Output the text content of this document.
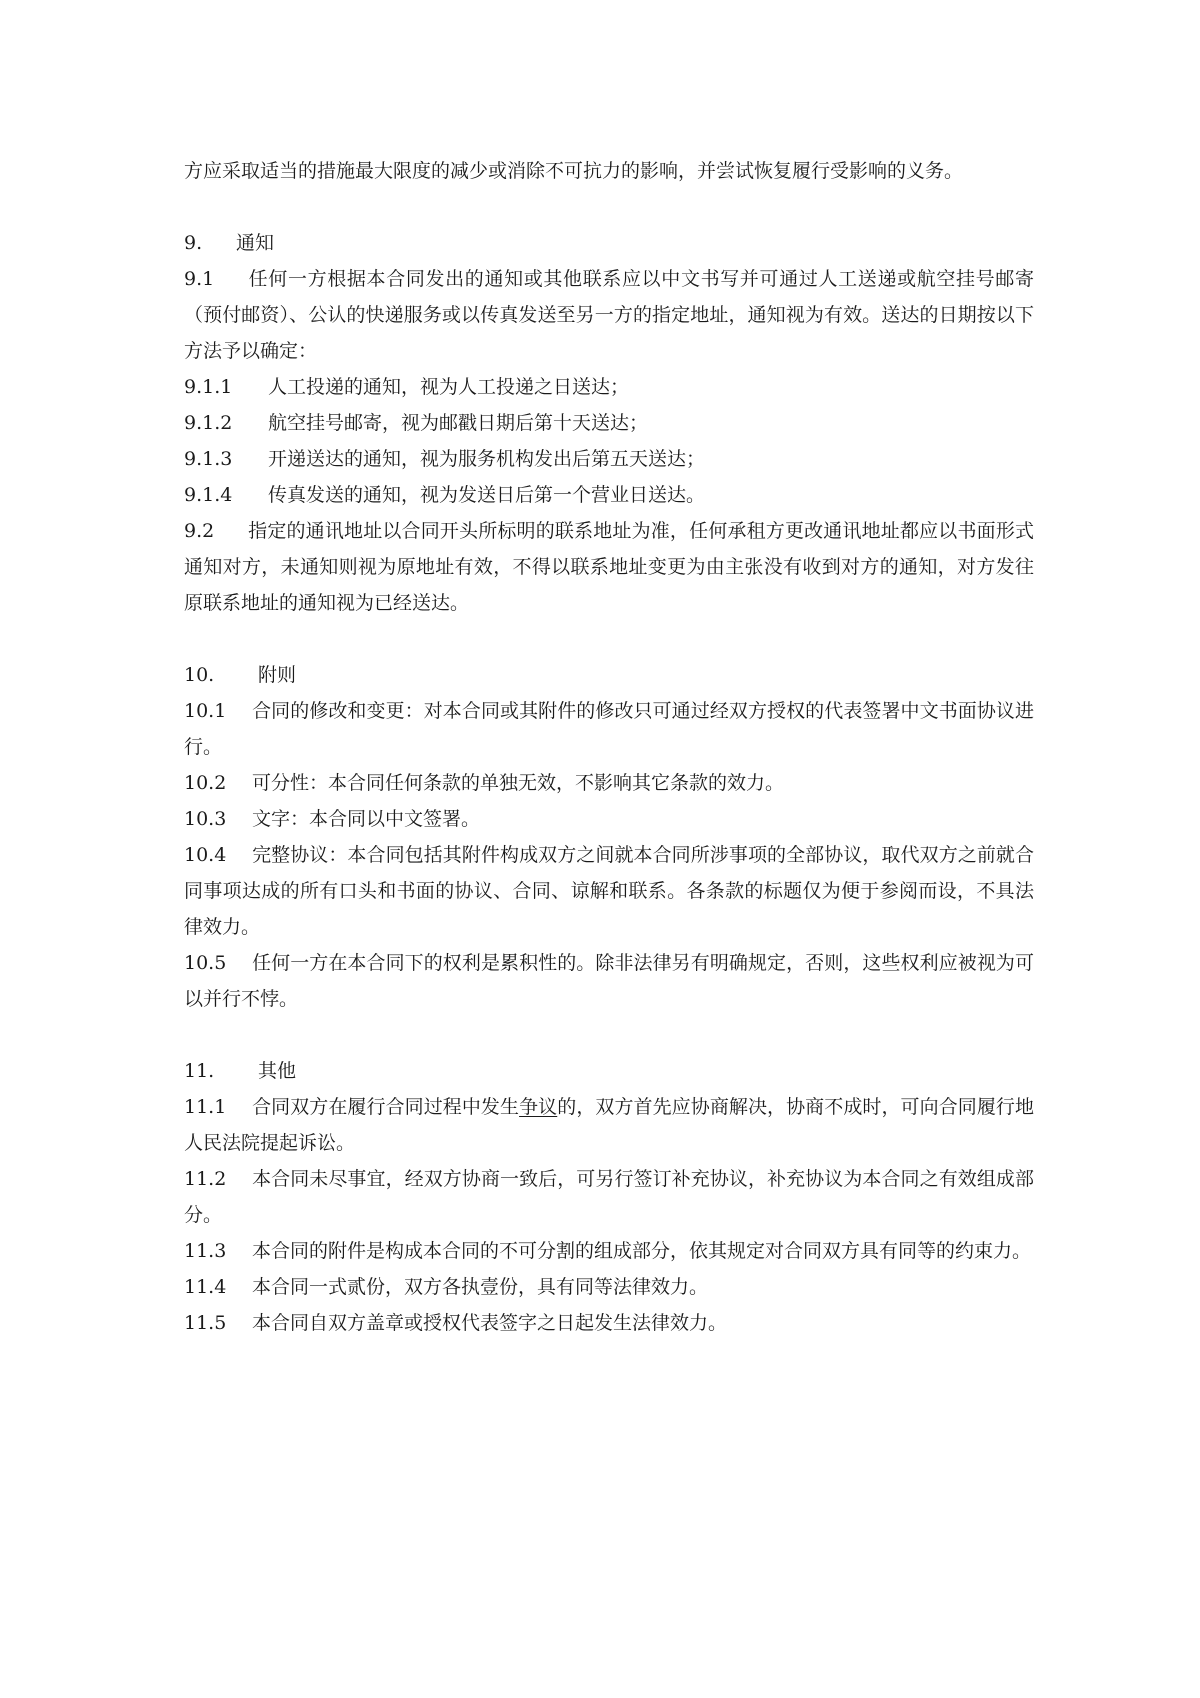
方应采取适当的措施最大限度的减少或消除不可抗力的影响，并尝试恢复履行受影响的义务。

9. 通知

9.1 任何一方根据本合同发出的通知或其他联系应以中文书写并可通过人工送递或航空挂号邮寄（预付邮资）、公认的快递服务或以传真发送至另一方的指定地址，通知视为有效。送达的日期按以下方法予以确定：

9.1.1 人工投递的通知，视为人工投递之日送达；

9.1.2 航空挂号邮寄，视为邮戳日期后第十天送达；

9.1.3 开递送达的通知，视为服务机构发出后第五天送达；

9.1.4 传真发送的通知，视为发送日后第一个营业日送达。

9.2 指定的通讯地址以合同开头所标明的联系地址为准，任何承租方更改通讯地址都应以书面形式通知对方，未通知则视为原地址有效，不得以联系地址变更为由主张没有收到对方的通知，对方发往原联系地址的通知视为已经送达。

10. 附则

10.1 合同的修改和变更：对本合同或其附件的修改只可通过经双方授权的代表签署中文书面协议进行。

10.2 可分性：本合同任何条款的单独无效，不影响其它条款的效力。

10.3 文字：本合同以中文签署。

10.4 完整协议：本合同包括其附件构成双方之间就本合同所涉事项的全部协议，取代双方之前就合同事项达成的所有口头和书面的协议、合同、谅解和联系。各条款的标题仅为便于参阅而设，不具法律效力。

10.5 任何一方在本合同下的权利是累积性的。除非法律另有明确规定，否则，这些权利应被视为可以并行不悖。

11. 其他

11.1 合同双方在履行合同过程中发生争议的，双方首先应协商解决，协商不成时，可向合同履行地人民法院提起诉讼。

11.2 本合同未尽事宜，经双方协商一致后，可另行签订补充协议，补充协议为本合同之有效组成部分。

11.3 本合同的附件是构成本合同的不可分割的组成部分，依其规定对合同双方具有同等的约束力。

11.4 本合同一式贰份，双方各执壹份，具有同等法律效力。

11.5 本合同自双方盖章或授权代表签字之日起发生法律效力。
